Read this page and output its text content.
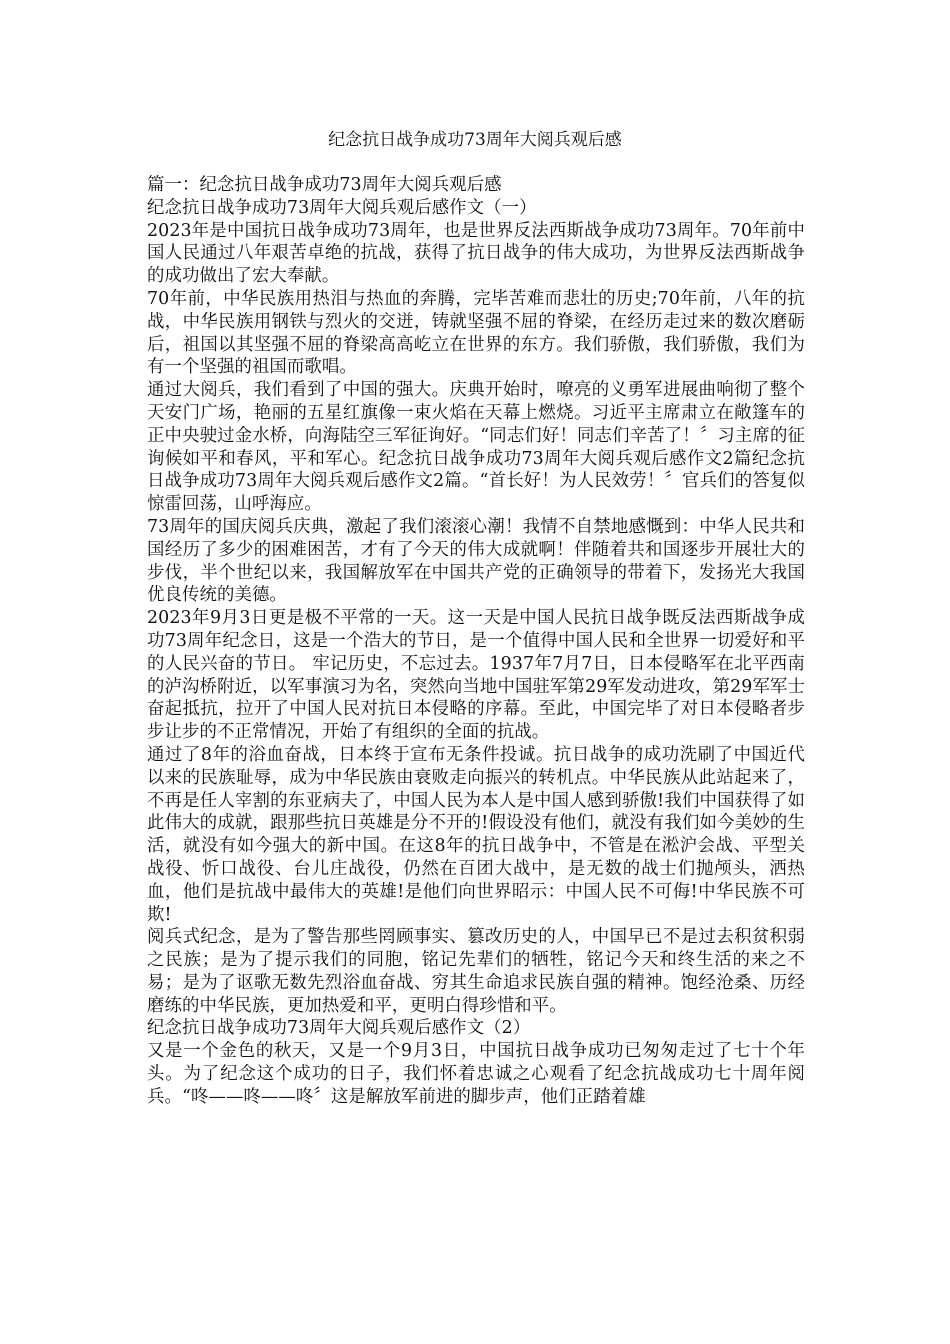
纪念抗日战争成功73周年大阅兵观后感

篇一：纪念抗日战争成功73周年大阅兵观后感

纪念抗日战争成功73周年大阅兵观后感作文（一）

2023年是中国抗日战争成功73周年，也是世界反法西斯战争成功73周年。70年前中国人民通过八年艰苦卓绝的抗战，获得了抗日战争的伟大成功，为世界反法西斯战争的成功做出了宏大奉献。

70年前，中华民族用热泪与热血的奔腾，完毕苦难而悲壮的历史;70年前，八年的抗战，中华民族用钢铁与烈火的交迸，铸就坚强不屈的脊梁，在经历走过来的数次磨砺后，祖国以其坚强不屈的脊梁高高屹立在世界的东方。我们骄傲，我们骄傲，我们为有一个坚强的祖国而歌唱。

通过大阅兵，我们看到了中国的强大。庆典开始时，嘹亮的义勇军进展曲响彻了整个天安门广场，艳丽的五星红旗像一束火焰在天幕上燃烧。习近平主席肃立在敞篷车的正中央驶过金水桥，向海陆空三军征询好。“同志们好！同志们辛苦了！〞习主席的征询候如平和春风，平和军心。纪念抗日战争成功73周年大阅兵观后感作文2篇纪念抗日战争成功73周年大阅兵观后感作文2篇。“首长好！为人民效劳！〞官兵们的答复似惊雷回荡，山呼海应。

73周年的国庆阅兵庆典，激起了我们滚滚心潮！我情不自禁地感慨到：中华人民共和国经历了多少的困难困苦，才有了今天的伟大成就啊！伴随着共和国逐步开展壮大的步伐，半个世纪以来，我国解放军在中国共产党的正确领导的带着下，发扬光大我国优良传统的美德。

2023年9月3日更是极不平常的一天。这一天是中国人民抗日战争既反法西斯战争成功73周年纪念日，这是一个浩大的节日，是一个值得中国人民和全世界一切爱好和平的人民兴奋的节日。 牢记历史，不忘过去。1937年7月7日，日本侵略军在北平西南的泸沟桥附近，以军事演习为名，突然向当地中国驻军第29军发动进攻，第29军军士奋起抵抗，拉开了中国人民对抗日本侵略的序幕。至此，中国完毕了对日本侵略者步步让步的不正常情况，开始了有组织的全面的抗战。

通过了8年的浴血奋战，日本终于宣布无条件投诚。抗日战争的成功洗刷了中国近代以来的民族耻辱，成为中华民族由衰败走向振兴的转机点。中华民族从此站起来了，不再是任人宰割的东亚病夫了，中国人民为本人是中国人感到骄傲!我们中国获得了如此伟大的成就，跟那些抗日英雄是分不开的!假设没有他们，就没有我们如今美妙的生活，就没有如今强大的新中国。在这8年的抗日战争中，不管是在淞沪会战、平型关战役、忻口战役、台儿庄战役，仍然在百团大战中，是无数的战士们抛颅头，洒热血，他们是抗战中最伟大的英雄!是他们向世界昭示：中国人民不可侮!中华民族不可欺!

阅兵式纪念，是为了警告那些罔顾事实、篡改历史的人，中国早已不是过去积贫积弱之民族；是为了提示我们的同胞，铭记先辈们的牺牲，铭记今天和终生活的来之不易；是为了讴歌无数先烈浴血奋战、穷其生命追求民族自强的精神。饱经沧桑、历经磨练的中华民族，更加热爱和平，更明白得珍惜和平。

纪念抗日战争成功73周年大阅兵观后感作文（2）

又是一个金色的秋天，又是一个9月3日，中国抗日战争成功已匆匆走过了七十个年头。为了纪念这个成功的日子，我们怀着忠诚之心观看了纪念抗战成功七十周年阅兵。“咚——咚——咚〞这是解放军前进的脚步声，他们正踏着雄
